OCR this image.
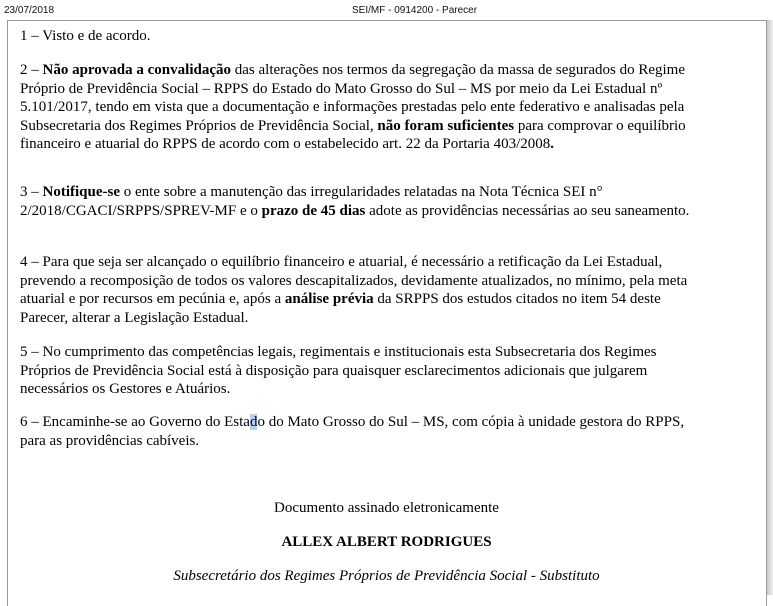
23/07/2018	SEI/MF - 0914200 - Parecer

1 – Visto e de acordo.

2 – Não aprovada a convalidação das alterações nos termos da segregação da massa de segurados do Regime Próprio de Previdência Social – RPPS do Estado do Mato Grosso do Sul – MS por meio da Lei Estadual nº 5.101/2017, tendo em vista que a documentação e informações prestadas pelo ente federativo e analisadas pela Subsecretaria dos Regimes Próprios de Previdência Social, não foram suficientes para comprovar o equilíbrio financeiro e atuarial do RPPS de acordo com o estabelecido art. 22 da Portaria 403/2008.

3 – Notifique-se o ente sobre a manutenção das irregularidades relatadas na Nota Técnica SEI n° 2/2018/CGACI/SRPPS/SPREV-MF e o prazo de 45 dias adote as providências necessárias ao seu saneamento.

4 – Para que seja ser alcançado o equilíbrio financeiro e atuarial, é necessário a retificação da Lei Estadual, prevendo a recomposição de todos os valores descapitalizados, devidamente atualizados, no mínimo, pela meta atuarial e por recursos em pecúnia e, após a análise prévia da SRPPS dos estudos citados no item 54 deste Parecer, alterar a Legislação Estadual.

5 – No cumprimento das competências legais, regimentais e institucionais esta Subsecretaria dos Regimes Próprios de Previdência Social está à disposição para quaisquer esclarecimentos adicionais que julgarem necessários os Gestores e Atuários.

6 – Encaminhe-se ao Governo do Estado do Mato Grosso do Sul – MS, com cópia à unidade gestora do RPPS, para as providências cabíveis.

Documento assinado eletronicamente
ALLEX ALBERT RODRIGUES
Subsecretário dos Regimes Próprios de Previdência Social - Substituto
